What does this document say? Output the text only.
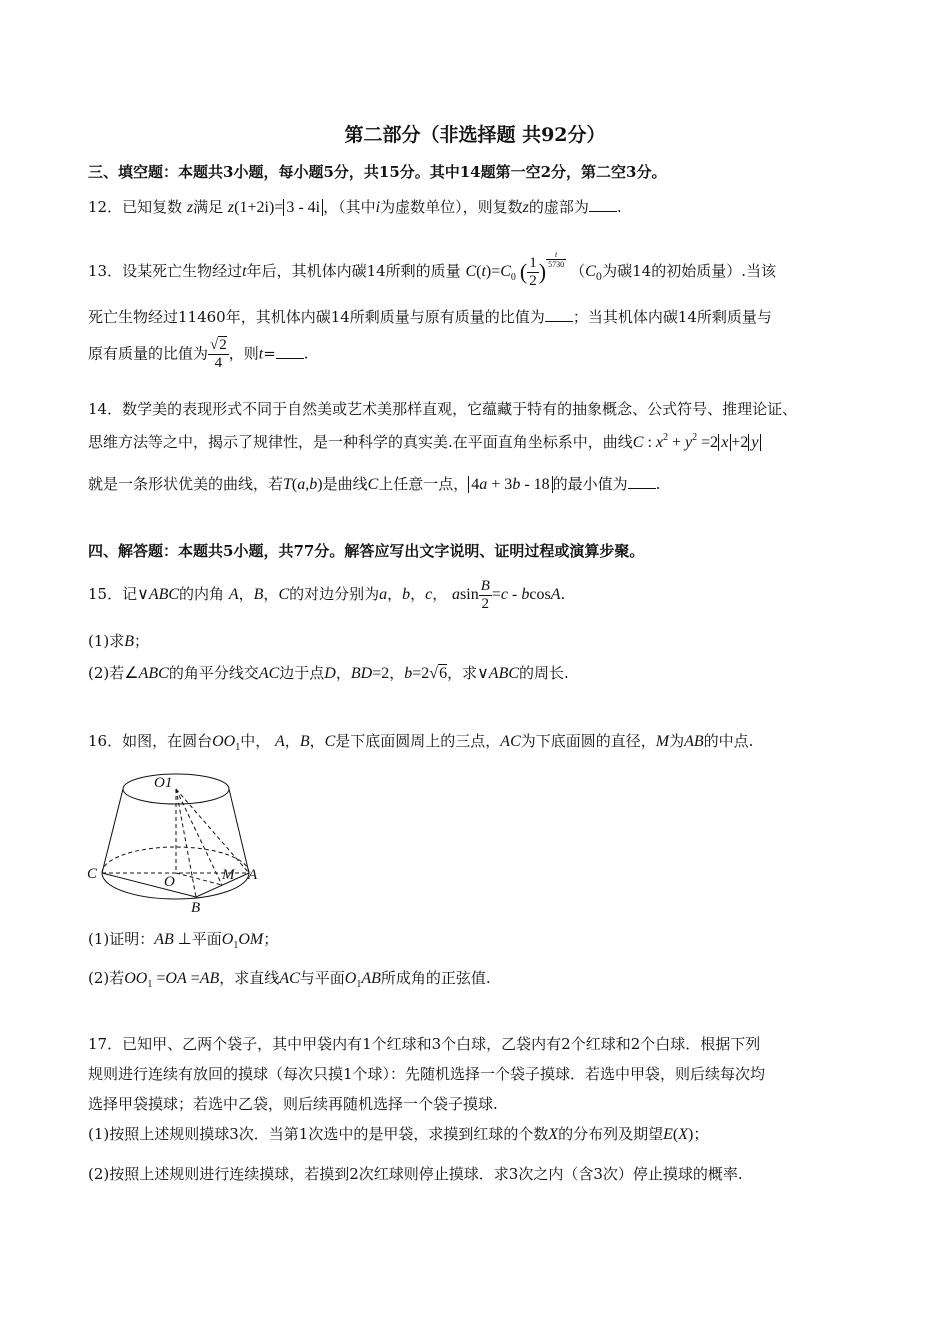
第二部分（非选择题 共92分）
三、填空题：本题共3小题，每小题5分，共15分。其中14题第一空2分，第二空3分。
12．已知复数 z满足 z(1+2i)= 3 - 4i ，（其中i为虚数单位），则复数z的虚部为 .
13．设某死亡生物经过t年后，其机体内碳14所剩的质量 $C(t)=C_0$ ( $\frac{1}{2}$ ) $^{\frac{t}{5730}}$
（$C_0$为碳14的初始质量）.当该
死亡生物经过11460年，其机体内碳14所剩质量与原有质量的比值为 ；当其机体内碳14所剩质量与
原有质量的比值为 $\frac{√2}{4}$ ，则t= .
14．数学美的表现形式不同于自然美或艺术美那样直观，它蕴藏于特有的抽象概念、公式符号、推理论证、
思维方法等之中，揭示了规律性，是一种科学的真实美.在平面直角坐标系中，曲线C : $x^2 + y^2 =2$ x +2 y
就是一条形状优美的曲线，若T(a,b)是曲线C上任意一点， 4a + 3b - 18 的最小值为 .
四、解答题：本题共5小题，共77分。解答应写出文字说明、证明过程或演算步聚。
15．记∨ABC的内角 A，B，C的对边分别为a，b，c， asin $\frac{B}{2} =c - bcosA$.
(1)求B；
(2)若∠ABC的角平分线交AC边于点D，BD=2，b=2√6，求∨ABC的周长.
16．如图，在圆台$OO_1$中， A，B，C是下底面圆周上的三点，AC为下底面圆的直径，M为AB的中点.
O1
C	O	M A
B
(1)证明：AB ⊥平面$O_1OM$；
(2)若$OO_1 =OA =AB$，求直线AC与平面$O_1AB$所成角的正弦值.
17．已知甲、乙两个袋子，其中甲袋内有1个红球和3个白球，乙袋内有2个红球和2个白球．根据下列
规则进行连续有放回的摸球（每次只摸1个球）：先随机选择一个袋子摸球．若选中甲袋，则后续每次均
选择甲袋摸球；若选中乙袋，则后续再随机选择一个袋子摸球.
(1)按照上述规则摸球3次．当第1次选中的是甲袋，求摸到红球的个数X的分布列及期望E(X)；
(2)按照上述规则进行连续摸球，若摸到2次红球则停止摸球．求3次之内（含3次）停止摸球的概率.
